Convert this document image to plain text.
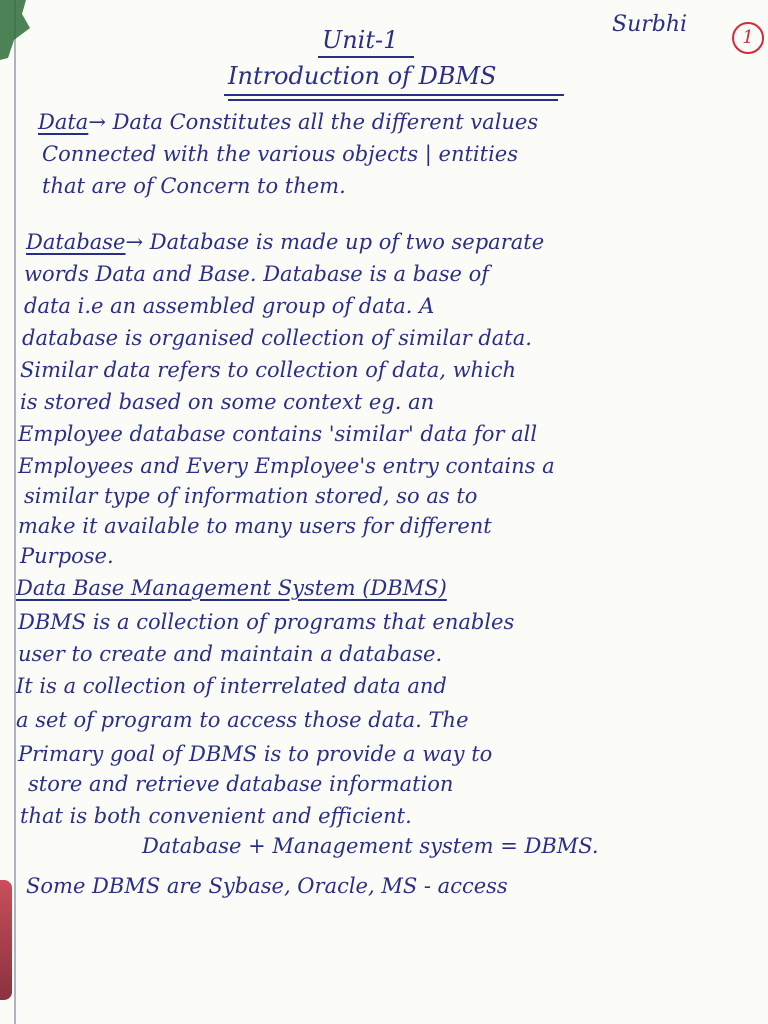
Surbhi
1
Unit-1
Introduction of DBMS
Data→ Data Constitutes all the different values
Connected with the various objects | entities
that are of Concern to them.
Database→ Database is made up of two separate
words Data and Base. Database is a base of
data i.e an assembled group of data. A
database is organised collection of similar data.
Similar data refers to collection of data, which
is stored based on some context eg. an
Employee database contains 'similar' data for all
Employees and Every Employee's entry contains a
similar type of information stored, so as to
make it available to many users for different
Purpose.
Data Base Management System (DBMS)
DBMS is a collection of programs that enables
user to create and maintain a database.
It is a collection of interrelated data and
a set of program to access those data. The
Primary goal of DBMS is to provide a way to
store and retrieve database information
that is both convenient and efficient.
Database + Management system = DBMS.
Some DBMS are Sybase, Oracle, MS - access
